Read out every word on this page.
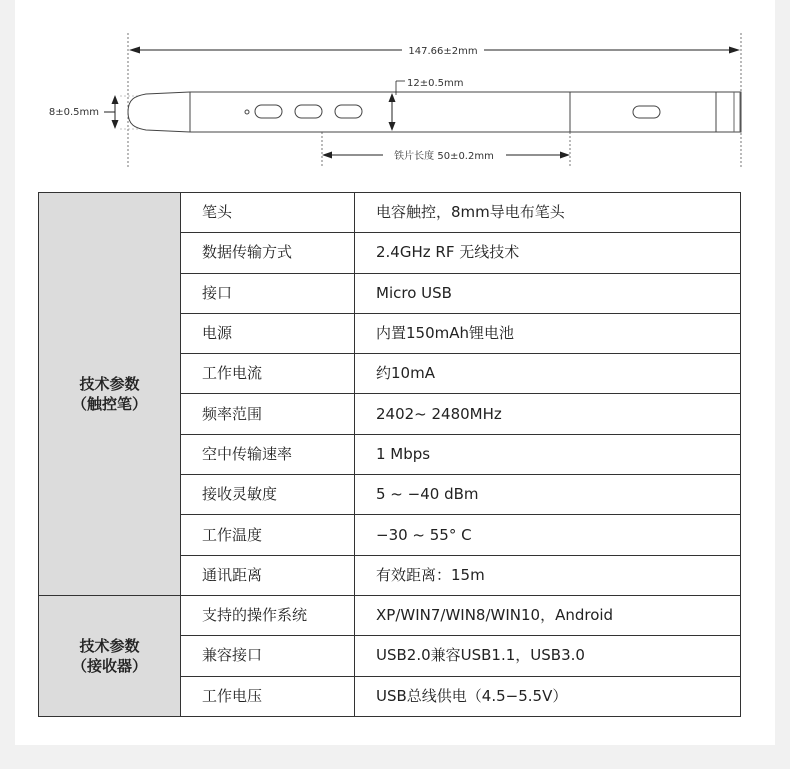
147.66±2mm
8±0.5mm
12±0.5mm
铁片长度 50±0.2mm
技术参数
（触控笔）	笔头	电容触控，8mm导电布笔头
	数据传输方式	2.4GHz RF 无线技术
	接口	Micro USB
	电源	内置150mAh锂电池
	工作电流	约10mA
	频率范围	2402~ 2480MHz
	空中传输速率	1 Mbps
	接收灵敏度	5 ~ −40 dBm
	工作温度	−30 ~ 55° C
	通讯距离	有效距离：15m

技术参数
（接收器）	支持的操作系统	XP/WIN7/WIN8/WIN10，Android
	兼容接口	USB2.0兼容USB1.1，USB3.0
	工作电压	USB总线供电（4.5−5.5V）
